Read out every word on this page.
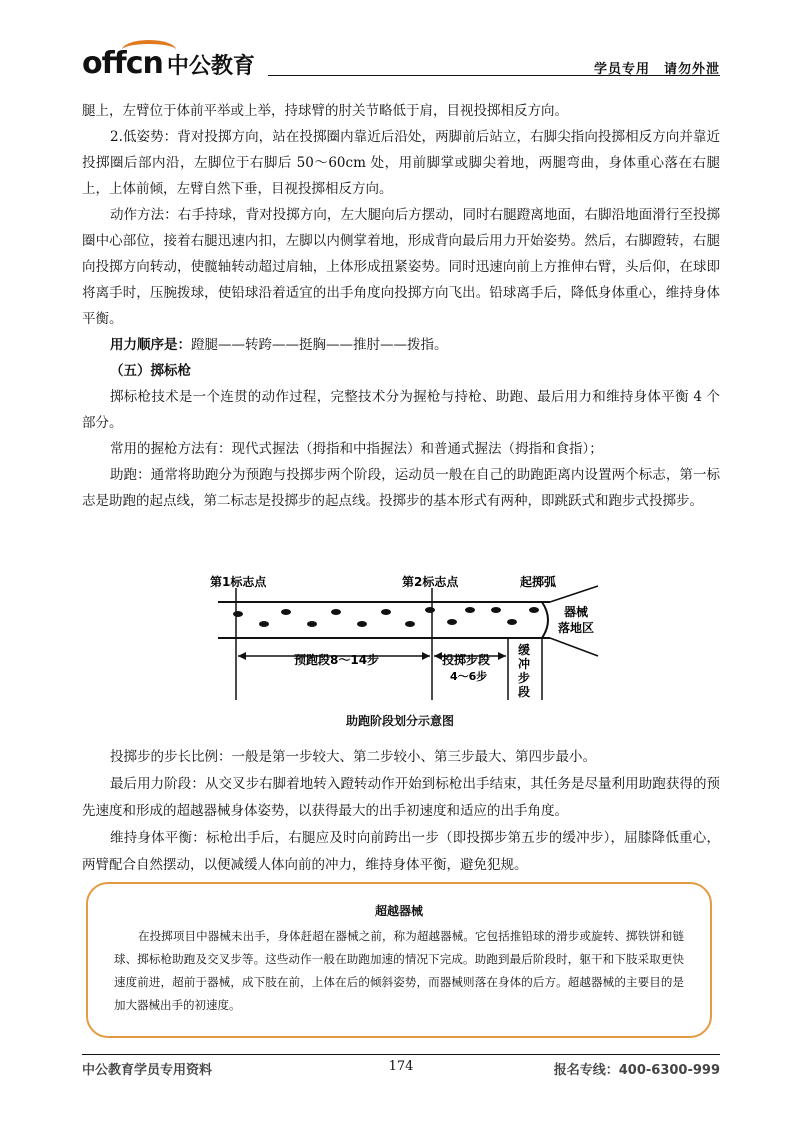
offcn 中公教育	学员专用　请勿外泄

腿上，左臂位于体前平举或上举，持球臂的肘关节略低于肩，目视投掷相反方向。

2.低姿势：背对投掷方向，站在投掷圈内靠近后沿处，两脚前后站立，右脚尖指向投掷相反方向并靠近投掷圈后部内沿，左脚位于右脚后 50～60cm 处，用前脚掌或脚尖着地，两腿弯曲，身体重心落在右腿上，上体前倾，左臂自然下垂，目视投掷相反方向。

动作方法：右手持球，背对投掷方向，左大腿向后方摆动，同时右腿蹬离地面，右脚沿地面滑行至投掷圈中心部位，接着右腿迅速内扣，左脚以内侧掌着地，形成背向最后用力开始姿势。然后，右脚蹬转，右腿向投掷方向转动，使髋轴转动超过肩轴，上体形成扭紧姿势。同时迅速向前上方推伸右臂，头后仰，在球即将离手时，压腕拨球，使铅球沿着适宜的出手角度向投掷方向飞出。铅球离手后，降低身体重心，维持身体平衡。

用力顺序是：蹬腿——转跨——挺胸——推肘——拨指。

（五）掷标枪

掷标枪技术是一个连贯的动作过程，完整技术分为握枪与持枪、助跑、最后用力和维持身体平衡 4 个部分。

常用的握枪方法有：现代式握法（拇指和中指握法）和普通式握法（拇指和食指）；

助跑：通常将助跑分为预跑与投掷步两个阶段，运动员一般在自己的助跑距离内设置两个标志，第一标志是助跑的起点线，第二标志是投掷步的起点线。投掷步的基本形式有两种，即跳跃式和跑步式投掷步。

第1标志点	第2标志点	起掷弧
器械
落地区
预跑段8～14步	投掷步段
4～6步
缓
冲
步
段
助跑阶段划分示意图

投掷步的步长比例：一般是第一步较大、第二步较小、第三步最大、第四步最小。

最后用力阶段：从交叉步右脚着地转入蹬转动作开始到标枪出手结束，其任务是尽量利用助跑获得的预先速度和形成的超越器械身体姿势，以获得最大的出手初速度和适应的出手角度。

维持身体平衡：标枪出手后，右腿应及时向前跨出一步（即投掷步第五步的缓冲步），屈膝降低重心，两臂配合自然摆动，以便减缓人体向前的冲力，维持身体平衡，避免犯规。

超越器械
在投掷项目中器械未出手，身体赶超在器械之前，称为超越器械。它包括推铅球的滑步或旋转、掷铁饼和链球、掷标枪助跑及交叉步等。这些动作一般在助跑加速的情况下完成。助跑到最后阶段时，躯干和下肢采取更快速度前进，超前于器械，成下肢在前，上体在后的倾斜姿势，而器械则落在身体的后方。超越器械的主要目的是加大器械出手的初速度。
中公教育学员专用资料	174	报名专线：400-6300-999
